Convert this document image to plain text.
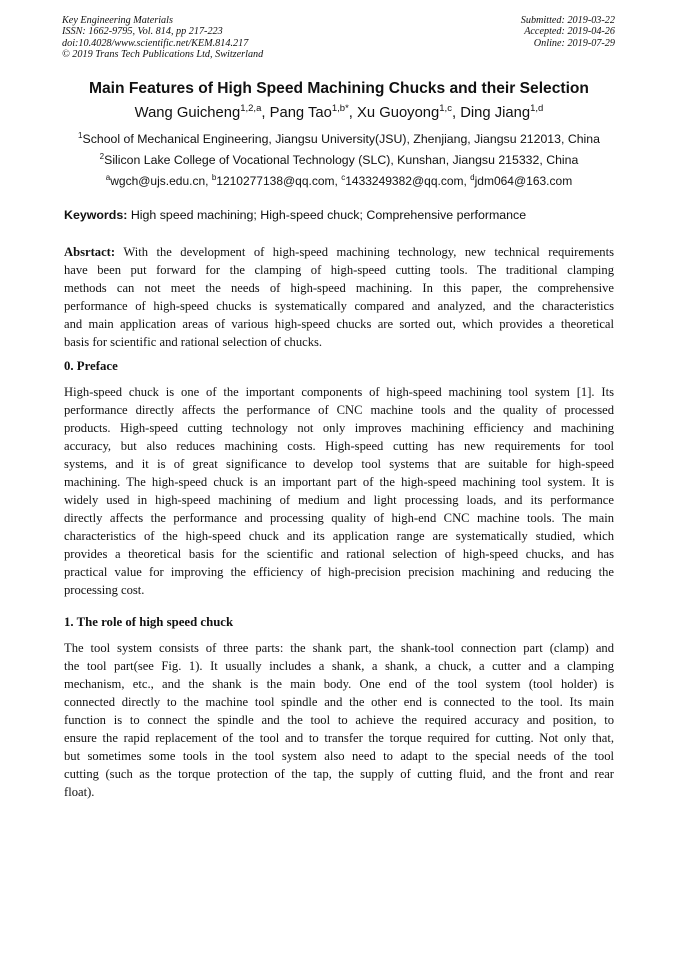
Key Engineering Materials
ISSN: 1662-9795, Vol. 814, pp 217-223
doi:10.4028/www.scientific.net/KEM.814.217
© 2019 Trans Tech Publications Ltd, Switzerland
Submitted: 2019-03-22
Accepted: 2019-04-26
Online: 2019-07-29
Main Features of High Speed Machining Chucks and their Selection
Wang Guicheng$^{1,2,a}$, Pang Tao$^{1,b*}$, Xu Guoyong$^{1,c}$, Ding Jiang$^{1,d}$
$^1$School of Mechanical Engineering, Jiangsu University(JSU), Zhenjiang, Jiangsu 212013, China
$^2$Silicon Lake College of Vocational Technology (SLC), Kunshan, Jiangsu 215332, China
$^a$wgch@ujs.edu.cn, $^b$1210277138@qq.com, $^c$1433249382@qq.com, $^d$jdm064@163.com
Keywords: High speed machining; High-speed chuck; Comprehensive performance
Absrtact: With the development of high-speed machining technology, new technical requirements
have been put forward for the clamping of high-speed cutting tools. The traditional clamping
methods can not meet the needs of high-speed machining. In this paper, the comprehensive
performance of high-speed chucks is systematically compared and analyzed, and the characteristics
and main application areas of various high-speed chucks are sorted out, which provides a theoretical
basis for scientific and rational selection of chucks.
0. Preface
High-speed chuck is one of the important components of high-speed machining tool system [1]. Its
performance directly affects the performance of CNC machine tools and the quality of processed
products. High-speed cutting technology not only improves machining efficiency and machining
accuracy, but also reduces machining costs. High-speed cutting has new requirements for tool
systems, and it is of great significance to develop tool systems that are suitable for high-speed
machining. The high-speed chuck is an important part of the high-speed machining tool system. It is
widely used in high-speed machining of medium and light processing loads, and its performance
directly affects the performance and processing quality of high-end CNC machine tools. The main
characteristics of the high-speed chuck and its application range are systematically studied, which
provides a theoretical basis for the scientific and rational selection of high-speed chucks, and has
practical value for improving the efficiency of high-precision precision machining and reducing the
processing cost.
1. The role of high speed chuck
The tool system consists of three parts: the shank part, the shank-tool connection part (clamp) and
the tool part(see Fig. 1). It usually includes a shank, a shank, a chuck, a cutter and a clamping
mechanism, etc., and the shank is the main body. One end of the tool system (tool holder) is
connected directly to the machine tool spindle and the other end is connected to the tool. Its main
function is to connect the spindle and the tool to achieve the required accuracy and position, to
ensure the rapid replacement of the tool and to transfer the torque required for cutting. Not only that,
but sometimes some tools in the tool system also need to adapt to the special needs of the tool
cutting (such as the torque protection of the tap, the supply of cutting fluid, and the front and rear
float).
